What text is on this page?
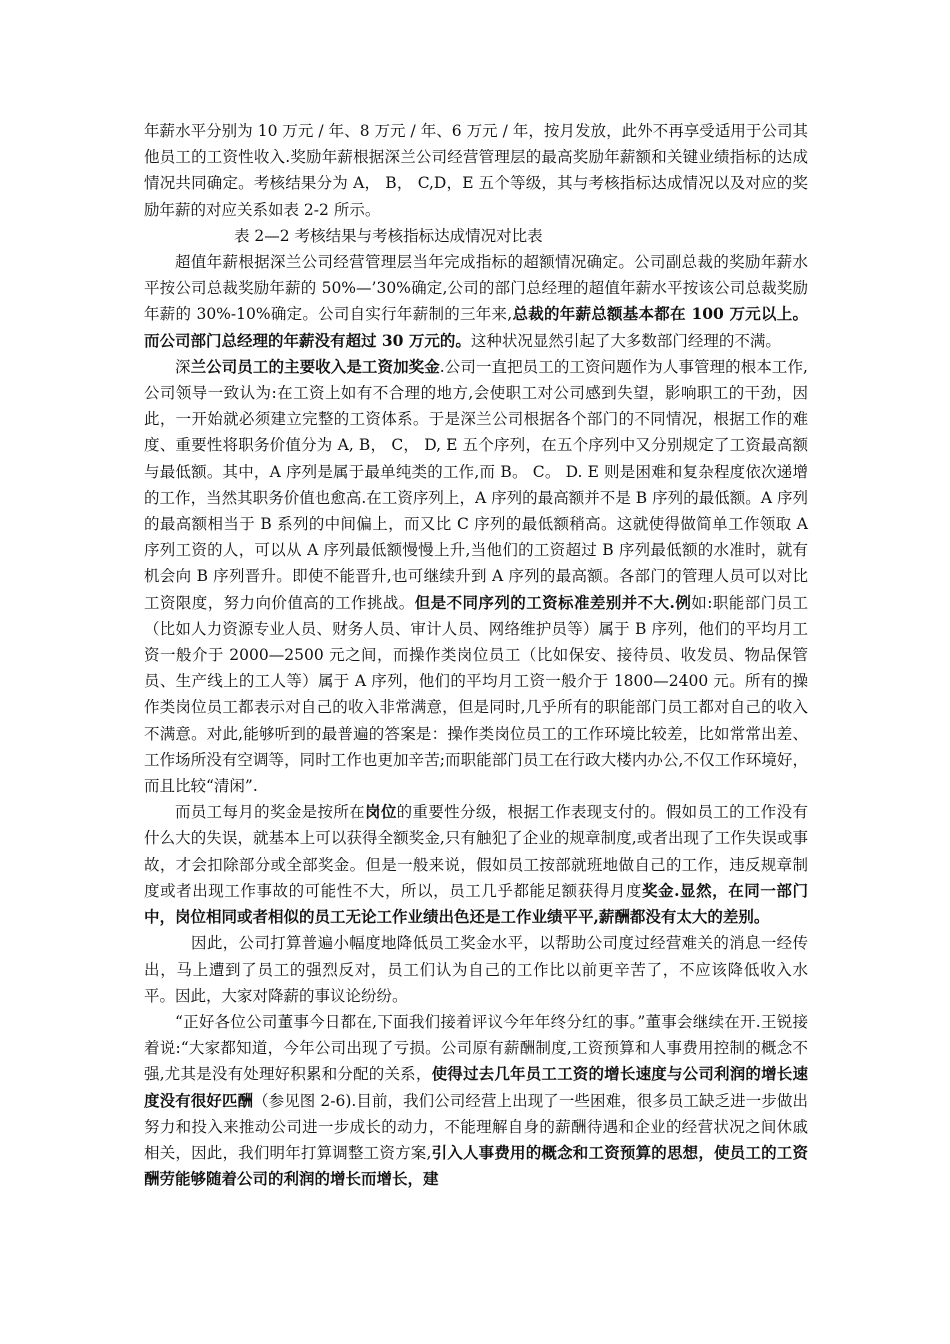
年薪水平分别为 10 万元 / 年、8 万元 / 年、6 万元 / 年，按月发放，此外不再享受适用于公司其他员工的工资性收入.奖励年薪根据深兰公司经营管理层的最高奖励年薪额和关键业绩指标的达成情况共同确定。考核结果分为 A， B， C,D，E 五个等级，其与考核指标达成情况以及对应的奖励年薪的对应关系如表 2-2 所示。

表 2—2 考核结果与考核指标达成情况对比表

超值年薪根据深兰公司经营管理层当年完成指标的超额情况确定。公司副总裁的奖励年薪水平按公司总裁奖励年薪的 50%—’30%确定,公司的部门总经理的超值年薪水平按该公司总裁奖励年薪的 30%-10%确定。公司自实行年薪制的三年来,总裁的年薪总额基本都在 100 万元以上。而公司部门总经理的年薪没有超过 30 万元的。这种状况显然引起了大多数部门经理的不满。

深兰公司员工的主要收入是工资加奖金.公司一直把员工的工资问题作为人事管理的根本工作,公司领导一致认为:在工资上如有不合理的地方,会使职工对公司感到失望，影响职工的干劲，因此，一开始就必须建立完整的工资体系。于是深兰公司根据各个部门的不同情况，根据工作的难度、重要性将职务价值分为 A, B， C， D, E 五个序列，在五个序列中又分别规定了工资最高额与最低额。其中，A 序列是属于最单纯类的工作,而 B。 C。 D. E 则是困难和复杂程度依次递增的工作，当然其职务价值也愈高.在工资序列上，A 序列的最高额并不是 B 序列的最低额。A 序列的最高额相当于 B 系列的中间偏上，而又比 C 序列的最低额稍高。这就使得做简单工作领取 A 序列工资的人，可以从 A 序列最低额慢慢上升,当他们的工资超过 B 序列最低额的水准时，就有机会向 B 序列晋升。即使不能晋升,也可继续升到 A 序列的最高额。各部门的管理人员可以对比工资限度，努力向价值高的工作挑战。但是不同序列的工资标准差别并不大.例如:职能部门员工（比如人力资源专业人员、财务人员、审计人员、网络维护员等）属于 B 序列，他们的平均月工资一般介于 2000—2500 元之间，而操作类岗位员工（比如保安、接待员、收发员、物品保管员、生产线上的工人等）属于 A 序列，他们的平均月工资一般介于 1800—2400 元。所有的操作类岗位员工都表示对自己的收入非常满意，但是同时,几乎所有的职能部门员工都对自己的收入不满意。对此,能够听到的最普遍的答案是：操作类岗位员工的工作环境比较差，比如常常出差、工作场所没有空调等，同时工作也更加辛苦;而职能部门员工在行政大楼内办公,不仅工作环境好，而且比较“清闲”.

而员工每月的奖金是按所在岗位的重要性分级，根据工作表现支付的。假如员工的工作没有什么大的失误，就基本上可以获得全额奖金,只有触犯了企业的规章制度,或者出现了工作失误或事故，才会扣除部分或全部奖金。但是一般来说，假如员工按部就班地做自己的工作，违反规章制度或者出现工作事故的可能性不大，所以，员工几乎都能足额获得月度奖金.显然，在同一部门中，岗位相同或者相似的员工无论工作业绩出色还是工作业绩平平,薪酬都没有太大的差别。

因此，公司打算普遍小幅度地降低员工奖金水平，以帮助公司度过经营难关的消息一经传出，马上遭到了员工的强烈反对，员工们认为自己的工作比以前更辛苦了，不应该降低收入水平。因此，大家对降薪的事议论纷纷。

“正好各位公司董事今日都在,下面我们接着评议今年年终分红的事。”董事会继续在开.王锐接着说:“大家都知道，今年公司出现了亏损。公司原有薪酬制度,工资预算和人事费用控制的概念不强,尤其是没有处理好积累和分配的关系，使得过去几年员工工资的增长速度与公司利润的增长速度没有很好匹酬（参见图 2-6).目前，我们公司经营上出现了一些困难，很多员工缺乏进一步做出努力和投入来推动公司进一步成长的动力，不能理解自身的薪酬待遇和企业的经营状况之间休戚相关，因此，我们明年打算调整工资方案,引入人事费用的概念和工资预算的思想，使员工的工资酬劳能够随着公司的利润的增长而增长，建
